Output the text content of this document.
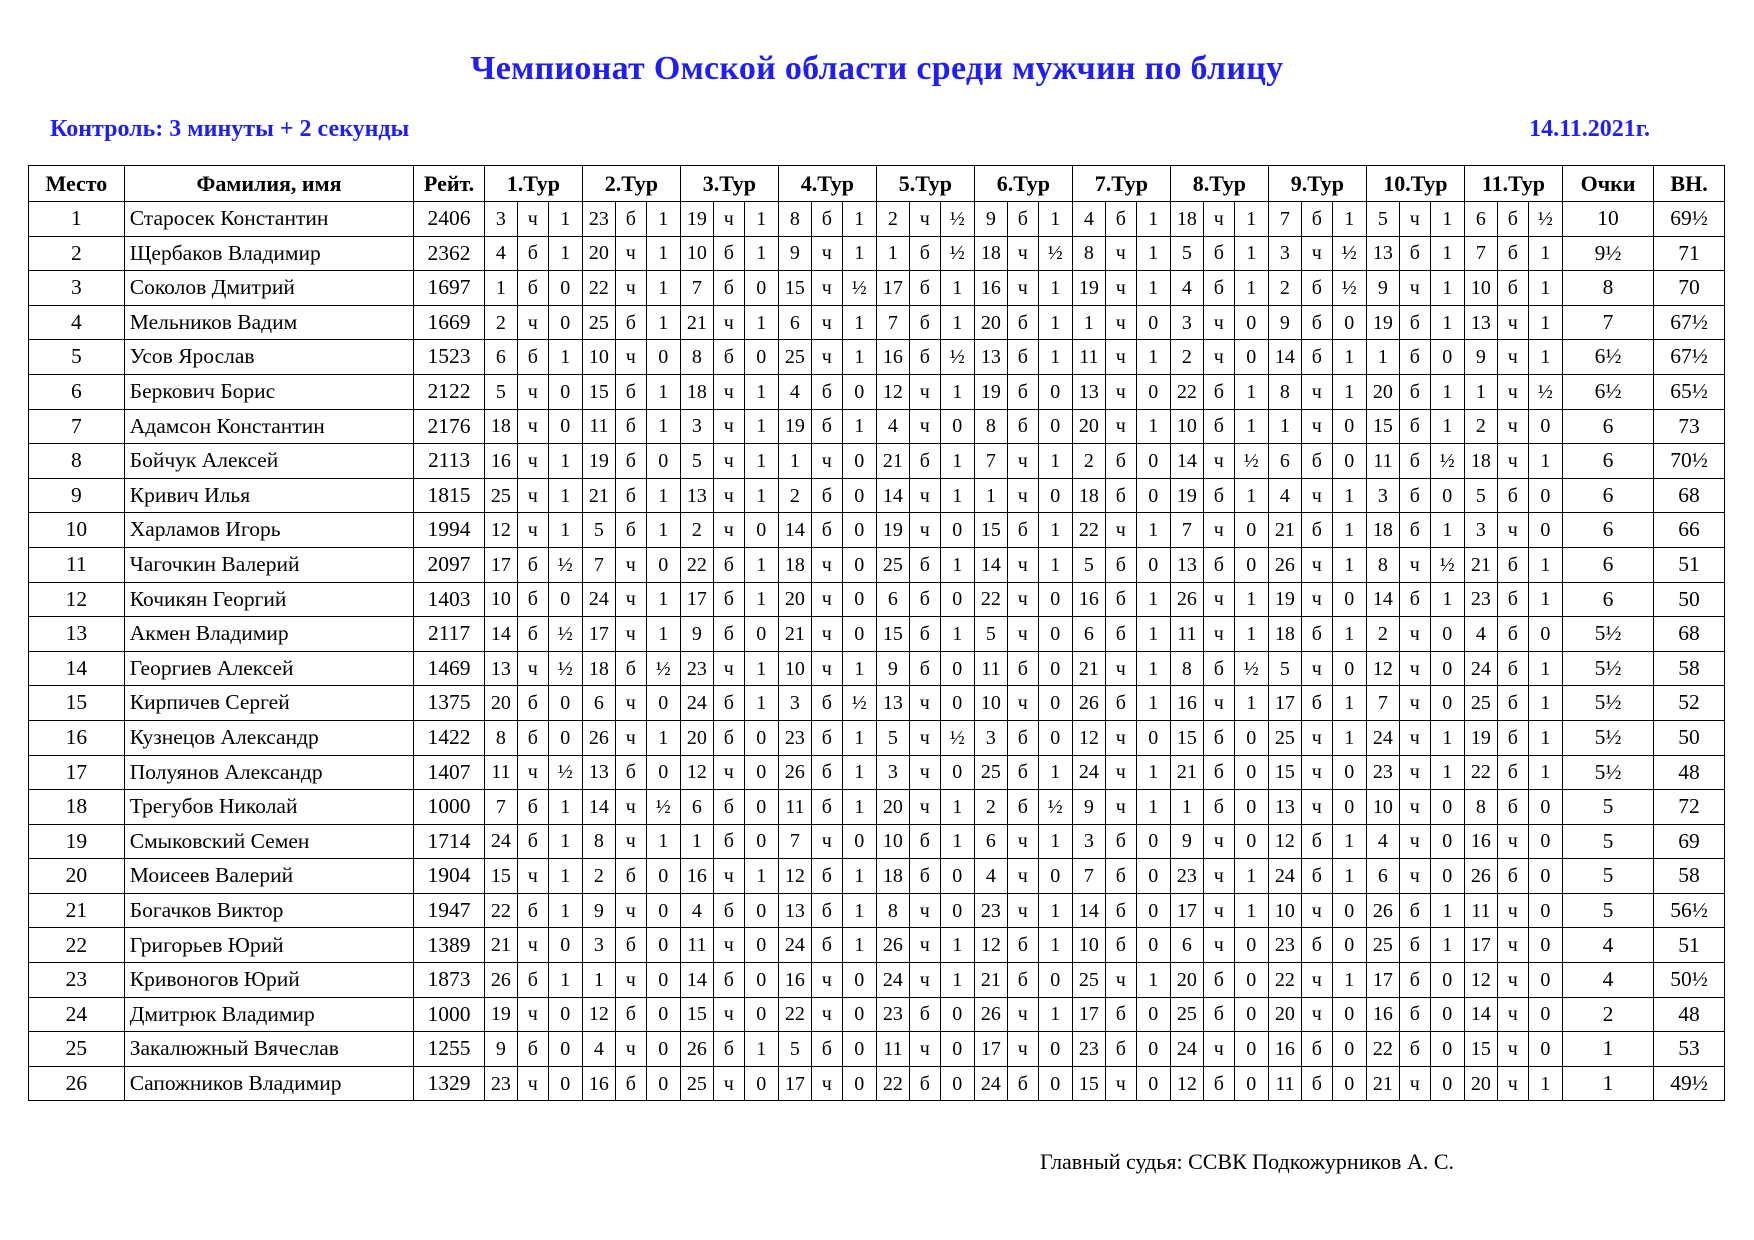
Чемпионат Омской области среди мужчин по блицу
Контроль: 3 минуты + 2 секунды	14.11.2021г.
Место	Фамилия, имя	Рейт.	1.Тур			2.Тур			3.Тур			4.Тур			5.Тур			6.Тур			7.Тур			8.Тур			9.Тур			10.Тур			11.Тур			Очки	ВН.
1	Старосек Константин	2406	3	ч	1	23	б	1	19	ч	1	8	б	1	2	ч	½	9	б	1	4	б	1	18	ч	1	7	б	1	5	ч	1	6	б	½	10	69½
2	Щербаков Владимир	2362	4	б	1	20	ч	1	10	б	1	9	ч	1	1	б	½	18	ч	½	8	ч	1	5	б	1	3	ч	½	13	б	1	7	б	1	9½	71
3	Соколов Дмитрий	1697	1	б	0	22	ч	1	7	б	0	15	ч	½	17	б	1	16	ч	1	19	ч	1	4	б	1	2	б	½	9	ч	1	10	б	1	8	70
4	Мельников Вадим	1669	2	ч	0	25	б	1	21	ч	1	6	ч	1	7	б	1	20	б	1	1	ч	0	3	ч	0	9	б	0	19	б	1	13	ч	1	7	67½
5	Усов Ярослав	1523	6	б	1	10	ч	0	8	б	0	25	ч	1	16	б	½	13	б	1	11	ч	1	2	ч	0	14	б	1	1	б	0	9	ч	1	6½	67½
6	Беркович Борис	2122	5	ч	0	15	б	1	18	ч	1	4	б	0	12	ч	1	19	б	0	13	ч	0	22	б	1	8	ч	1	20	б	1	1	ч	½	6½	65½
7	Адамсон Константин	2176	18	ч	0	11	б	1	3	ч	1	19	б	1	4	ч	0	8	б	0	20	ч	1	10	б	1	1	ч	0	15	б	1	2	ч	0	6	73
8	Бойчук Алексей	2113	16	ч	1	19	б	0	5	ч	1	1	ч	0	21	б	1	7	ч	1	2	б	0	14	ч	½	6	б	0	11	б	½	18	ч	1	6	70½
9	Кривич Илья	1815	25	ч	1	21	б	1	13	ч	1	2	б	0	14	ч	1	1	ч	0	18	б	0	19	б	1	4	ч	1	3	б	0	5	б	0	6	68
10	Харламов Игорь	1994	12	ч	1	5	б	1	2	ч	0	14	б	0	19	ч	0	15	б	1	22	ч	1	7	ч	0	21	б	1	18	б	1	3	ч	0	6	66
11	Чагочкин Валерий	2097	17	б	½	7	ч	0	22	б	1	18	ч	0	25	б	1	14	ч	1	5	б	0	13	б	0	26	ч	1	8	ч	½	21	б	1	6	51
12	Кочикян Георгий	1403	10	б	0	24	ч	1	17	б	1	20	ч	0	6	б	0	22	ч	0	16	б	1	26	ч	1	19	ч	0	14	б	1	23	б	1	6	50
13	Акмен Владимир	2117	14	б	½	17	ч	1	9	б	0	21	ч	0	15	б	1	5	ч	0	6	б	1	11	ч	1	18	б	1	2	ч	0	4	б	0	5½	68
14	Георгиев Алексей	1469	13	ч	½	18	б	½	23	ч	1	10	ч	1	9	б	0	11	б	0	21	ч	1	8	б	½	5	ч	0	12	ч	0	24	б	1	5½	58
15	Кирпичев Сергей	1375	20	б	0	6	ч	0	24	б	1	3	б	½	13	ч	0	10	ч	0	26	б	1	16	ч	1	17	б	1	7	ч	0	25	б	1	5½	52
16	Кузнецов Александр	1422	8	б	0	26	ч	1	20	б	0	23	б	1	5	ч	½	3	б	0	12	ч	0	15	б	0	25	ч	1	24	ч	1	19	б	1	5½	50
17	Полуянов Александр	1407	11	ч	½	13	б	0	12	ч	0	26	б	1	3	ч	0	25	б	1	24	ч	1	21	б	0	15	ч	0	23	ч	1	22	б	1	5½	48
18	Трегубов Николай	1000	7	б	1	14	ч	½	6	б	0	11	б	1	20	ч	1	2	б	½	9	ч	1	1	б	0	13	ч	0	10	ч	0	8	б	0	5	72
19	Смыковский Семен	1714	24	б	1	8	ч	1	1	б	0	7	ч	0	10	б	1	6	ч	1	3	б	0	9	ч	0	12	б	1	4	ч	0	16	ч	0	5	69
20	Моисеев Валерий	1904	15	ч	1	2	б	0	16	ч	1	12	б	1	18	б	0	4	ч	0	7	б	0	23	ч	1	24	б	1	6	ч	0	26	б	0	5	58
21	Богачков Виктор	1947	22	б	1	9	ч	0	4	б	0	13	б	1	8	ч	0	23	ч	1	14	б	0	17	ч	1	10	ч	0	26	б	1	11	ч	0	5	56½
22	Григорьев Юрий	1389	21	ч	0	3	б	0	11	ч	0	24	б	1	26	ч	1	12	б	1	10	б	0	6	ч	0	23	б	0	25	б	1	17	ч	0	4	51
23	Кривоногов Юрий	1873	26	б	1	1	ч	0	14	б	0	16	ч	0	24	ч	1	21	б	0	25	ч	1	20	б	0	22	ч	1	17	б	0	12	ч	0	4	50½
24	Дмитрюк Владимир	1000	19	ч	0	12	б	0	15	ч	0	22	ч	0	23	б	0	26	ч	1	17	б	0	25	б	0	20	ч	0	16	б	0	14	ч	0	2	48
25	Закалюжный Вячеслав	1255	9	б	0	4	ч	0	26	б	1	5	б	0	11	ч	0	17	ч	0	23	б	0	24	ч	0	16	б	0	22	б	0	15	ч	0	1	53
26	Сапожников Владимир	1329	23	ч	0	16	б	0	25	ч	0	17	ч	0	22	б	0	24	б	0	15	ч	0	12	б	0	11	б	0	21	ч	0	20	ч	1	1	49½
Главный судья: ССВК Подкожурников А. С.
